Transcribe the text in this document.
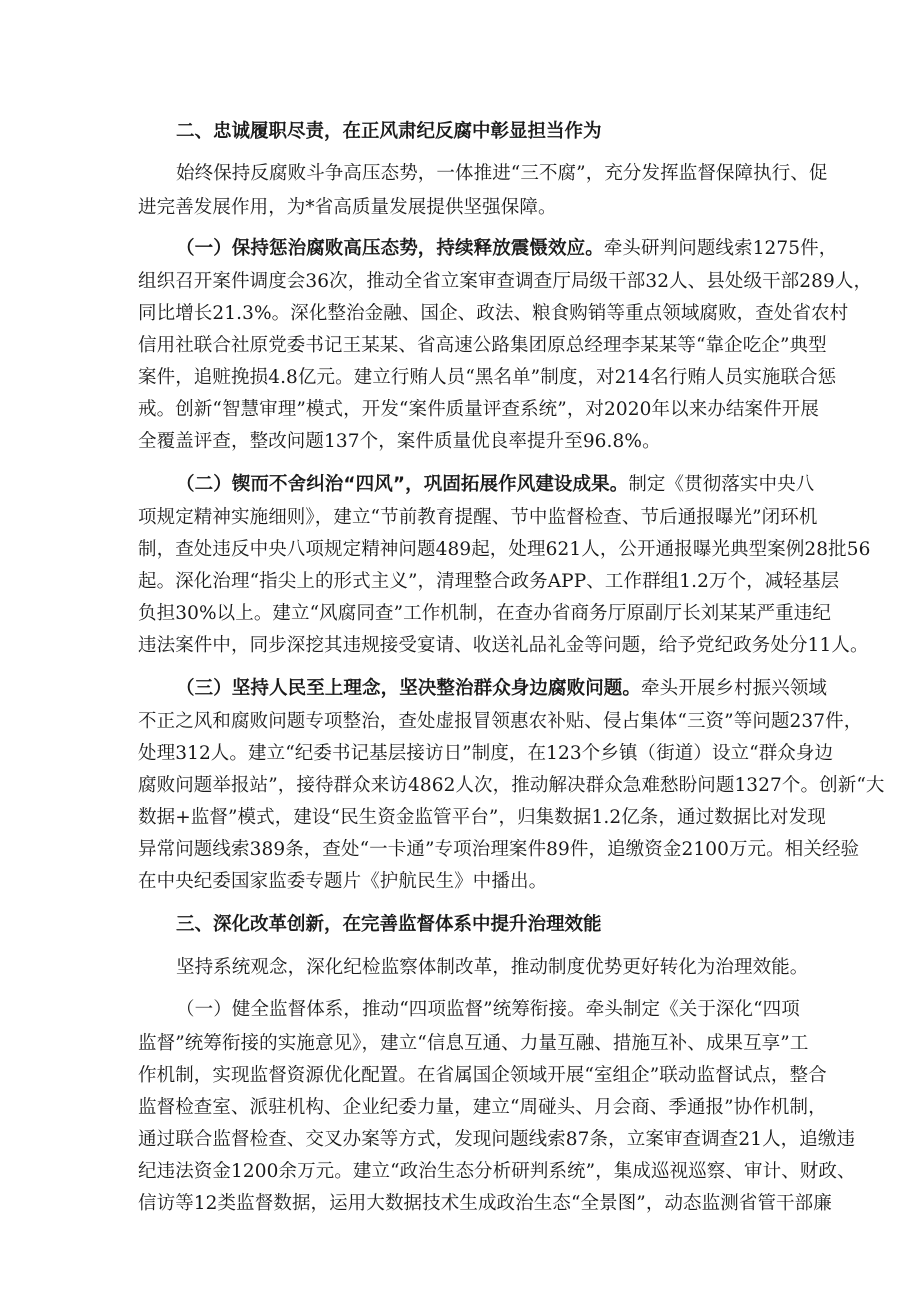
二、忠诚履职尽责，在正风肃纪反腐中彰显担当作为
始终保持反腐败斗争高压态势，一体推进“三不腐”，充分发挥监督保障执行、促
进完善发展作用，为*省高质量发展提供坚强保障。
（一）保持惩治腐败高压态势，持续释放震慑效应。牵头研判问题线索1275件，
组织召开案件调度会36次，推动全省立案审查调查厅局级干部32人、县处级干部289人，
同比增长21.3%。深化整治金融、国企、政法、粮食购销等重点领域腐败，查处省农村
信用社联合社原党委书记王某某、省高速公路集团原总经理李某某等“靠企吃企”典型
案件，追赃挽损4.8亿元。建立行贿人员“黑名单”制度，对214名行贿人员实施联合惩
戒。创新“智慧审理”模式，开发“案件质量评查系统”，对2020年以来办结案件开展
全覆盖评查，整改问题137个，案件质量优良率提升至96.8%。
（二）锲而不舍纠治“四风”，巩固拓展作风建设成果。制定《贯彻落实中央八
项规定精神实施细则》，建立“节前教育提醒、节中监督检查、节后通报曝光”闭环机
制，查处违反中央八项规定精神问题489起，处理621人，公开通报曝光典型案例28批56
起。深化治理“指尖上的形式主义”，清理整合政务APP、工作群组1.2万个，减轻基层
负担30%以上。建立“风腐同查”工作机制，在查办省商务厅原副厅长刘某某严重违纪
违法案件中，同步深挖其违规接受宴请、收送礼品礼金等问题，给予党纪政务处分11人。
（三）坚持人民至上理念，坚决整治群众身边腐败问题。牵头开展乡村振兴领域
不正之风和腐败问题专项整治，查处虚报冒领惠农补贴、侵占集体“三资”等问题237件，
处理312人。建立“纪委书记基层接访日”制度，在123个乡镇（街道）设立“群众身边
腐败问题举报站”，接待群众来访4862人次，推动解决群众急难愁盼问题1327个。创新“大
数据+监督”模式，建设“民生资金监管平台”，归集数据1.2亿条，通过数据比对发现
异常问题线索389条，查处“一卡通”专项治理案件89件，追缴资金2100万元。相关经验
在中央纪委国家监委专题片《护航民生》中播出。
三、深化改革创新，在完善监督体系中提升治理效能
坚持系统观念，深化纪检监察体制改革，推动制度优势更好转化为治理效能。
（一）健全监督体系，推动“四项监督”统筹衔接。牵头制定《关于深化“四项
监督”统筹衔接的实施意见》，建立“信息互通、力量互融、措施互补、成果互享”工
作机制，实现监督资源优化配置。在省属国企领域开展“室组企”联动监督试点，整合
监督检查室、派驻机构、企业纪委力量，建立“周碰头、月会商、季通报”协作机制，
通过联合监督检查、交叉办案等方式，发现问题线索87条，立案审查调查21人，追缴违
纪违法资金1200余万元。建立“政治生态分析研判系统”，集成巡视巡察、审计、财政、
信访等12类监督数据，运用大数据技术生成政治生态“全景图”，动态监测省管干部廉
